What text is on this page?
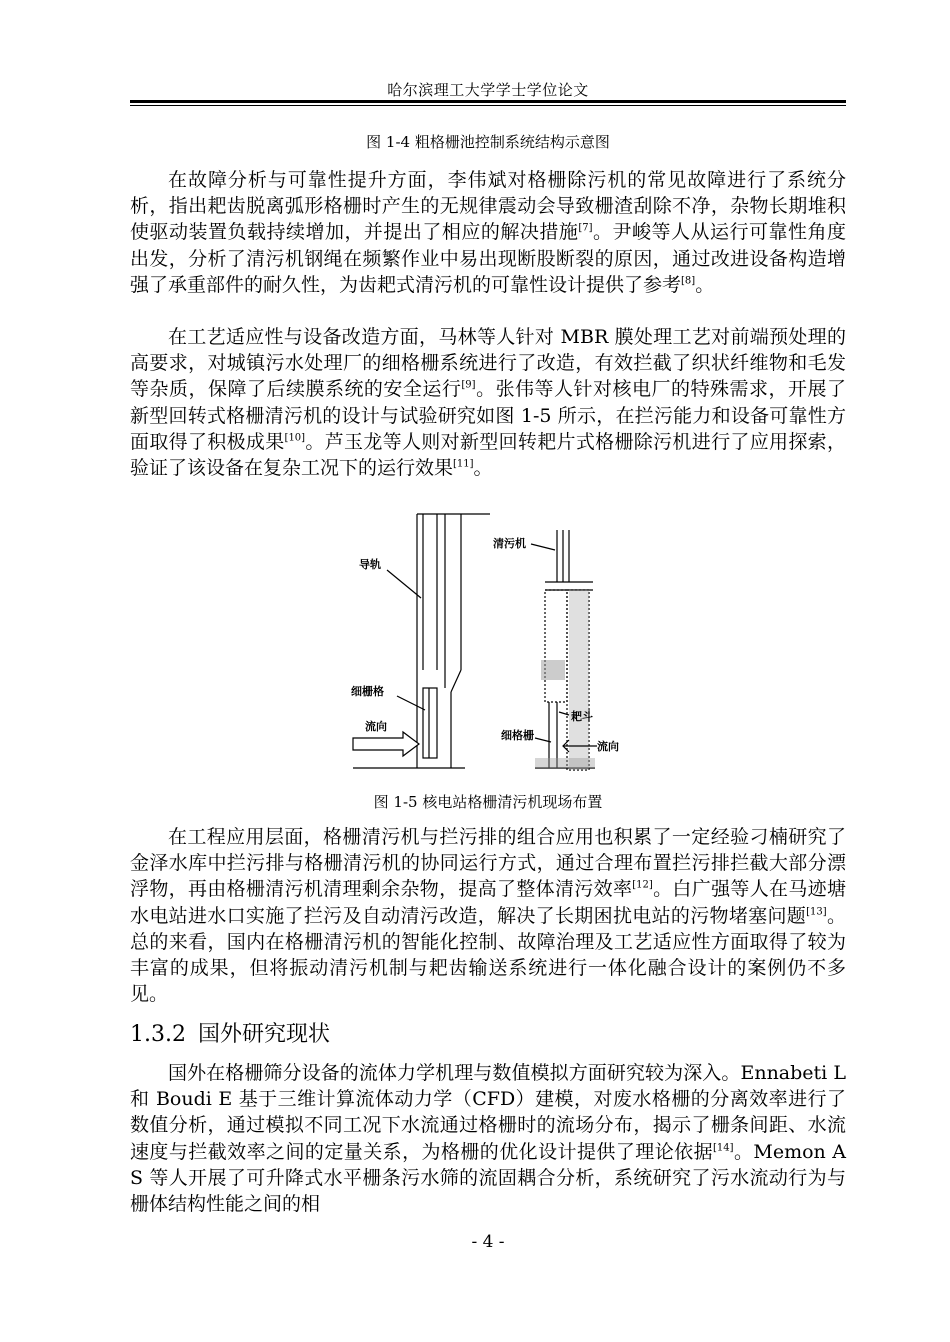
哈尔滨理工大学学士学位论文
图 1-4 粗格栅池控制系统结构示意图

在故障分析与可靠性提升方面，李伟斌对格栅除污机的常见故障进行了系统分析，指出耙齿脱离弧形格栅时产生的无规律震动会导致栅渣刮除不净，杂物长期堆积使驱动装置负载持续增加，并提出了相应的解决措施[7]。尹峻等人从运行可靠性角度出发，分析了清污机钢绳在频繁作业中易出现断股断裂的原因，通过改进设备构造增强了承重部件的耐久性，为齿耙式清污机的可靠性设计提供了参考[8]。

在工艺适应性与设备改造方面，马林等人针对 MBR 膜处理工艺对前端预处理的高要求，对城镇污水处理厂的细格栅系统进行了改造，有效拦截了织状纤维物和毛发等杂质，保障了后续膜系统的安全运行[9]。张伟等人针对核电厂的特殊需求，开展了新型回转式格栅清污机的设计与试验研究如图 1-5 所示，在拦污能力和设备可靠性方面取得了积极成果[10]。芦玉龙等人则对新型回转耙片式格栅除污机进行了应用探索，验证了该设备在复杂工况下的运行效果[11]。

导轨
细栅格
流向
清污机
耙斗
细格栅
流向
图 1-5 核电站格栅清污机现场布置

在工程应用层面，格栅清污机与拦污排的组合应用也积累了一定经验刁楠研究了金泽水库中拦污排与格栅清污机的协同运行方式，通过合理布置拦污排拦截大部分漂浮物，再由格栅清污机清理剩余杂物，提高了整体清污效率[12]。白广强等人在马迹塘水电站进水口实施了拦污及自动清污改造，解决了长期困扰电站的污物堵塞问题[13]。总的来看，国内在格栅清污机的智能化控制、故障治理及工艺适应性方面取得了较为丰富的成果，但将振动清污机制与耙齿输送系统进行一体化融合设计的案例仍不多见。

1.3.2 国外研究现状

国外在格栅筛分设备的流体力学机理与数值模拟方面研究较为深入。Ennabeti L 和 Boudi E 基于三维计算流体动力学（CFD）建模，对废水格栅的分离效率进行了数值分析，通过模拟不同工况下水流通过格栅时的流场分布，揭示了栅条间距、水流速度与拦截效率之间的定量关系，为格栅的优化设计提供了理论依据[14]。Memon A S 等人开展了可升降式水平栅条污水筛的流固耦合分析，系统研究了污水流动行为与栅体结构性能之间的相

- 4 -
